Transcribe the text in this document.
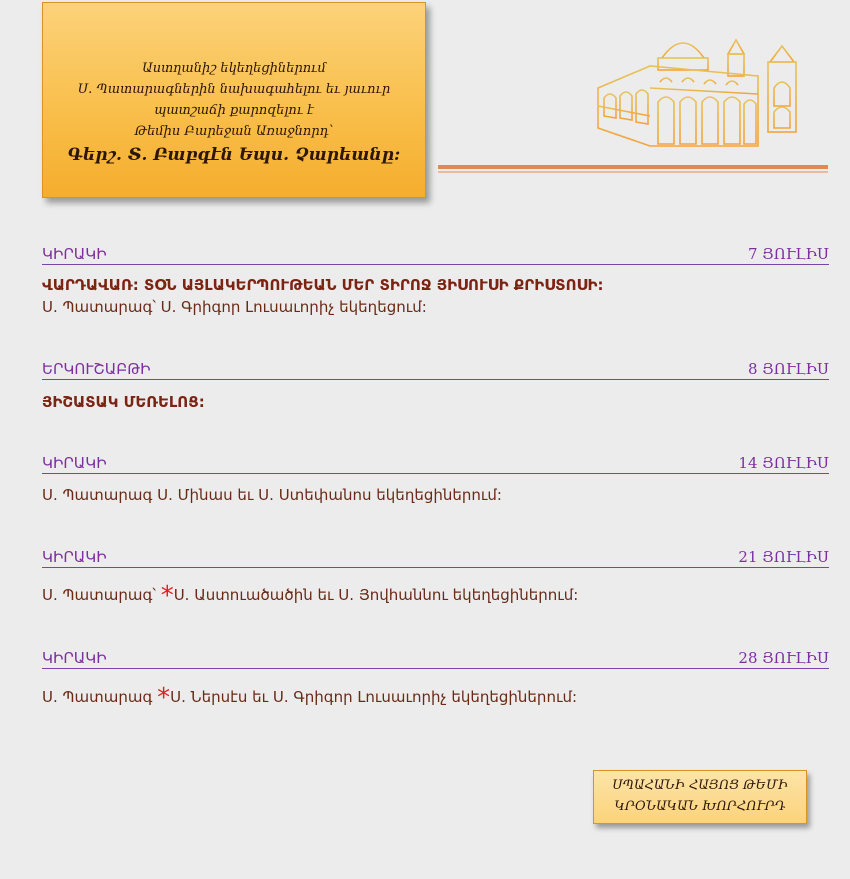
Աստղանիշ եկեղեցիներում
Ս. Պատարագներին նախագահելու եւ յաւուր
պատշաճի քարոզելու է
Թեմիս Բարեջան Առաջնորդ՝
Գերշ. Տ. Բաբգէն Եպս. Չարեանը:
ԿԻՐԱԿԻ	7 ՅՈՒԼԻՍ
ՎԱՐԴԱՎԱՌ: ՏՕՆ ԱՅԼԱԿԵՐՊՈՒԹԵԱՆ ՄԵՐ ՏԻՐՈՋ ՅԻՍՈՒՍԻ ՔՐԻՍՏՈՍԻ:
Ս. Պատարագ՝ Ս. Գրիգոր Լուսաւորիչ եկեղեցում:
ԵՐԿՈՒՇԱԲԹԻ	8 ՅՈՒԼԻՍ
ՅԻՇԱՏԱԿ ՄԵՌԵԼՈՑ:
ԿԻՐԱԿԻ	14 ՅՈՒԼԻՍ
Ս. Պատարագ Ս. Մինաս եւ Ս. Ստեփանոս եկեղեցիներում:
ԿԻՐԱԿԻ	21 ՅՈՒԼԻՍ
Ս. Պատարագ՝ *Ս. Աստուածածին եւ Ս. Յովհաննու եկեղեցիներում:
ԿԻՐԱԿԻ	28 ՅՈՒԼԻՍ
Ս. Պատարագ *Ս. Ներսէս եւ Ս. Գրիգոր Լուսաւորիչ եկեղեցիներում:
ՍՊԱՀԱՆԻ ՀԱՅՈՑ ԹԵՄԻ
ԿՐՕՆԱԿԱՆ ԽՈՐՀՈՒՐԴ
